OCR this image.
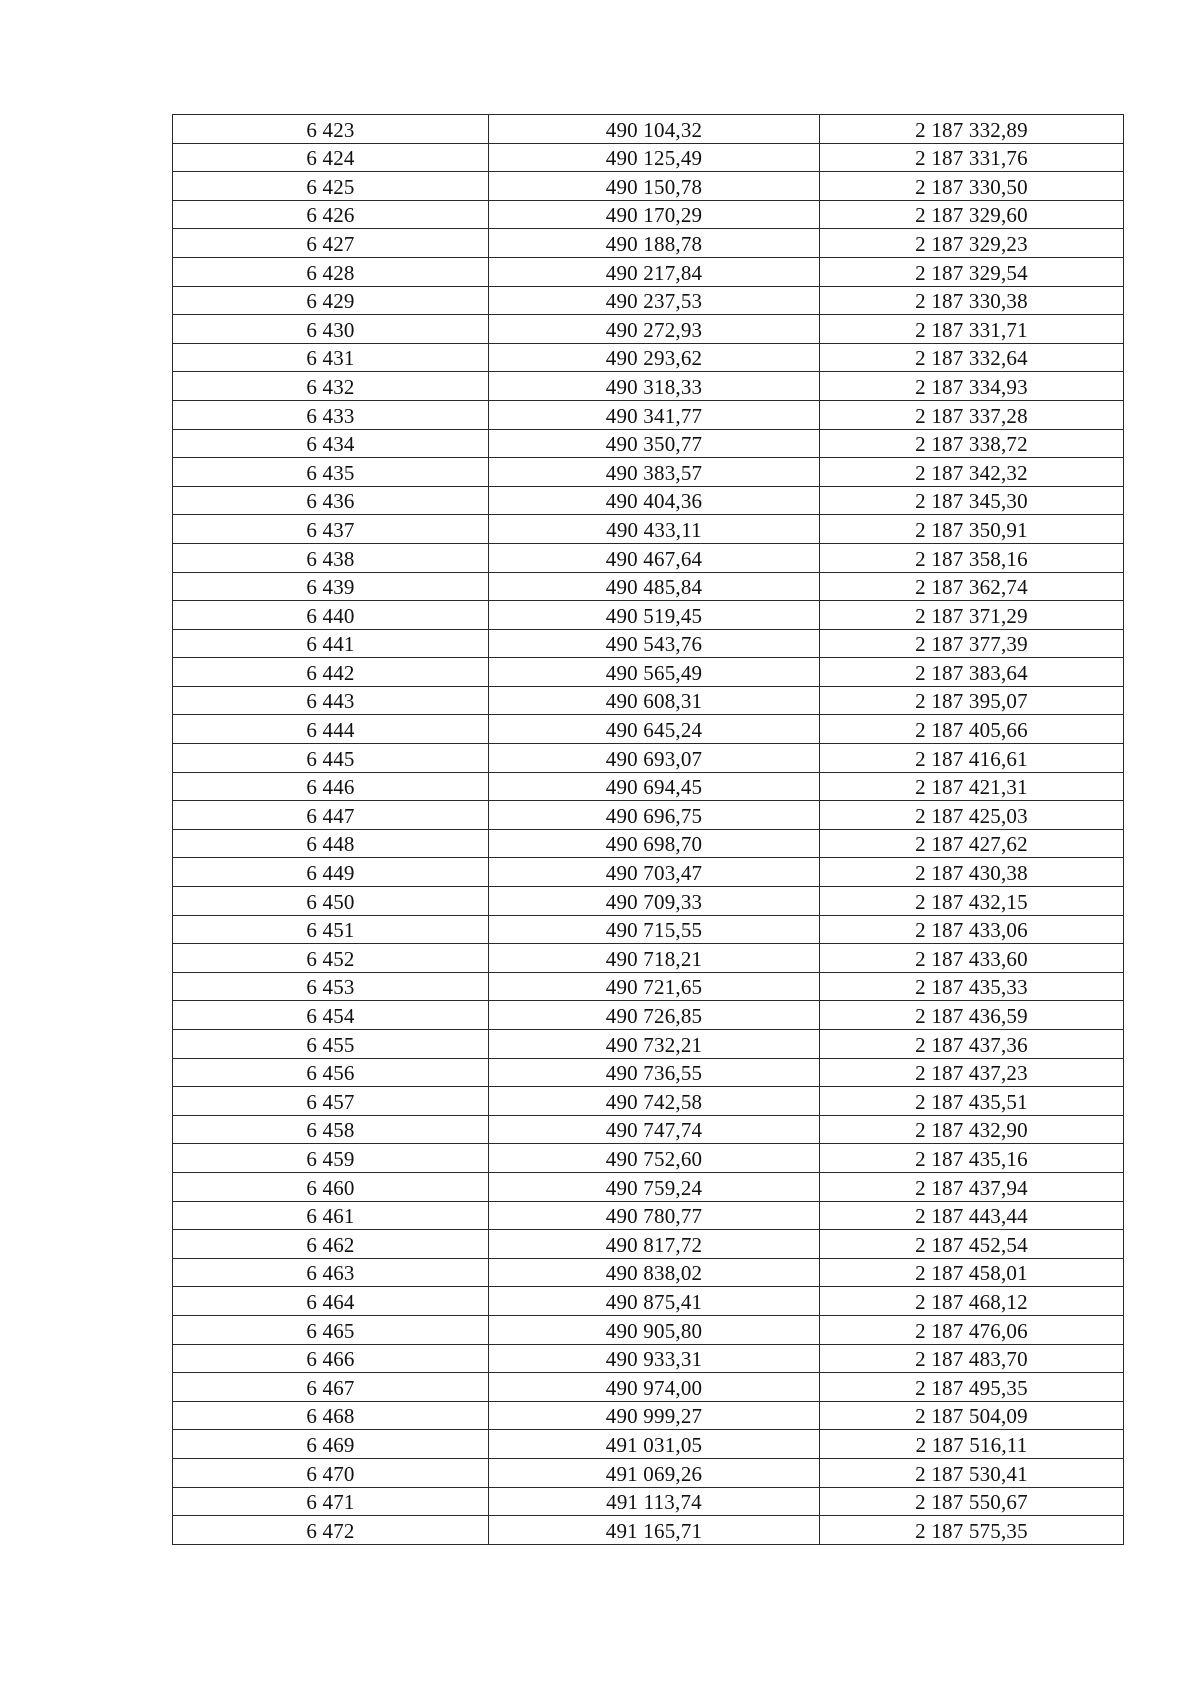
6 423	490 104,32	2 187 332,89
6 424	490 125,49	2 187 331,76
6 425	490 150,78	2 187 330,50
6 426	490 170,29	2 187 329,60
6 427	490 188,78	2 187 329,23
6 428	490 217,84	2 187 329,54
6 429	490 237,53	2 187 330,38
6 430	490 272,93	2 187 331,71
6 431	490 293,62	2 187 332,64
6 432	490 318,33	2 187 334,93
6 433	490 341,77	2 187 337,28
6 434	490 350,77	2 187 338,72
6 435	490 383,57	2 187 342,32
6 436	490 404,36	2 187 345,30
6 437	490 433,11	2 187 350,91
6 438	490 467,64	2 187 358,16
6 439	490 485,84	2 187 362,74
6 440	490 519,45	2 187 371,29
6 441	490 543,76	2 187 377,39
6 442	490 565,49	2 187 383,64
6 443	490 608,31	2 187 395,07
6 444	490 645,24	2 187 405,66
6 445	490 693,07	2 187 416,61
6 446	490 694,45	2 187 421,31
6 447	490 696,75	2 187 425,03
6 448	490 698,70	2 187 427,62
6 449	490 703,47	2 187 430,38
6 450	490 709,33	2 187 432,15
6 451	490 715,55	2 187 433,06
6 452	490 718,21	2 187 433,60
6 453	490 721,65	2 187 435,33
6 454	490 726,85	2 187 436,59
6 455	490 732,21	2 187 437,36
6 456	490 736,55	2 187 437,23
6 457	490 742,58	2 187 435,51
6 458	490 747,74	2 187 432,90
6 459	490 752,60	2 187 435,16
6 460	490 759,24	2 187 437,94
6 461	490 780,77	2 187 443,44
6 462	490 817,72	2 187 452,54
6 463	490 838,02	2 187 458,01
6 464	490 875,41	2 187 468,12
6 465	490 905,80	2 187 476,06
6 466	490 933,31	2 187 483,70
6 467	490 974,00	2 187 495,35
6 468	490 999,27	2 187 504,09
6 469	491 031,05	2 187 516,11
6 470	491 069,26	2 187 530,41
6 471	491 113,74	2 187 550,67
6 472	491 165,71	2 187 575,35
